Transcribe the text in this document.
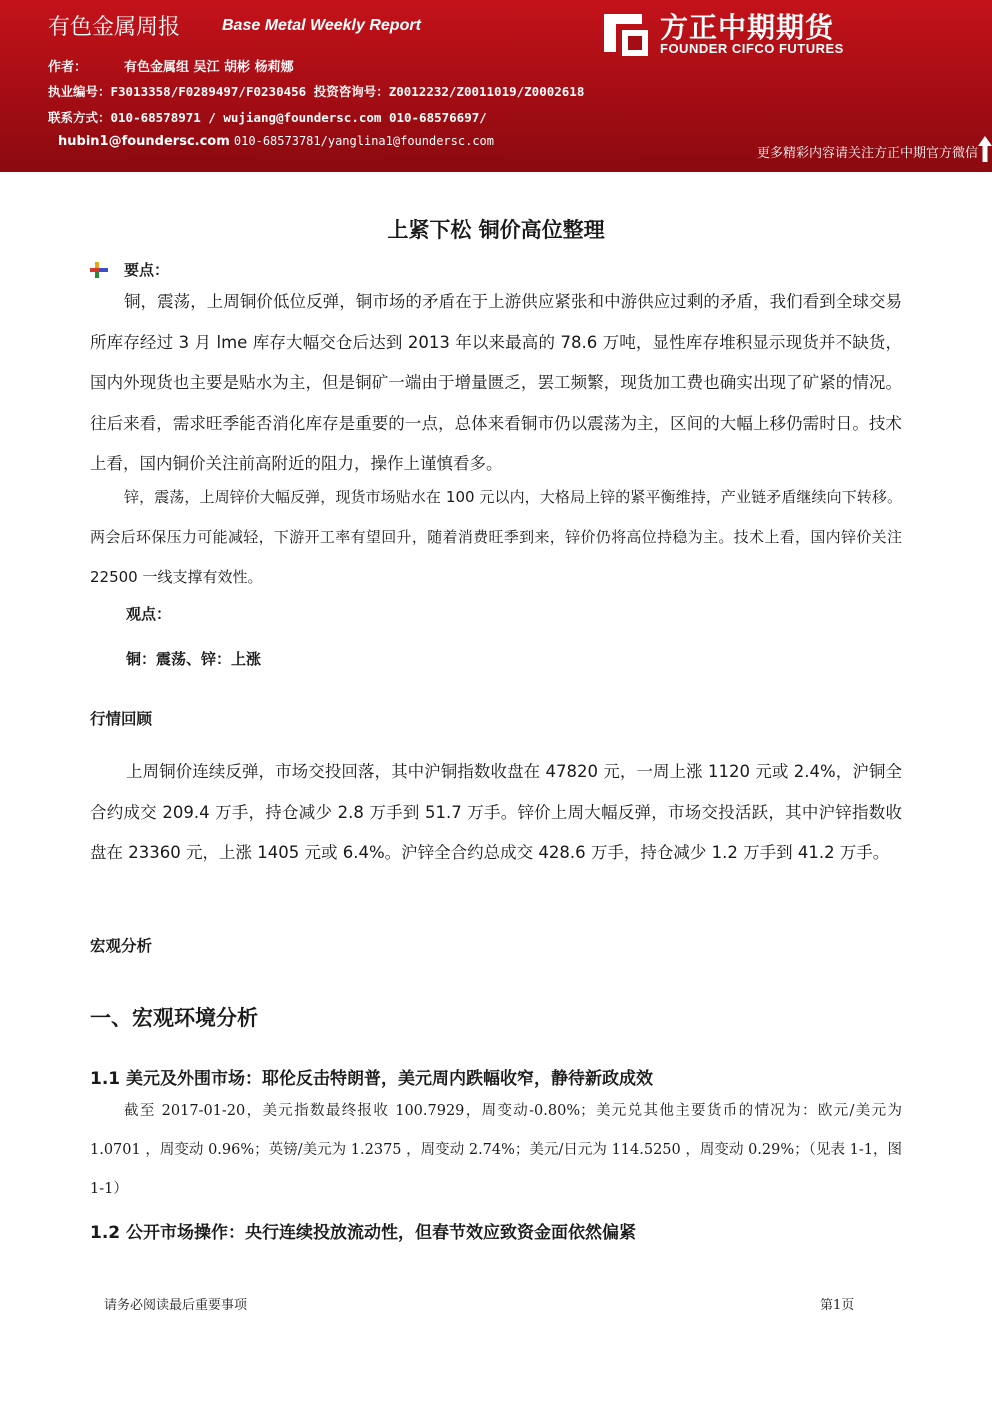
有色金属周报	Base Metal Weekly Report
作者：	有色金属组 吴江 胡彬 杨莉娜
执业编号：F3013358/F0289497/F0230456 投资咨询号：Z0012232/Z0011019/Z0002618
联系方式：010-68578971 / wujiang@foundersc.com 010-68576697/
hubin1@foundersc.com 010-68573781/yanglina1@foundersc.com
方正中期期货
FOUNDER CIFCO FUTURES
更多精彩内容请关注方正中期官方微信
上紧下松 铜价高位整理
要点：

铜，震荡，上周铜价低位反弹，铜市场的矛盾在于上游供应紧张和中游供应过剩的矛盾，我们看到全球交易所库存经过 3 月 lme 库存大幅交仓后达到 2013 年以来最高的 78.6 万吨，显性库存堆积显示现货并不缺货，国内外现货也主要是贴水为主，但是铜矿一端由于增量匮乏，罢工频繁，现货加工费也确实出现了矿紧的情况。往后来看，需求旺季能否消化库存是重要的一点，总体来看铜市仍以震荡为主，区间的大幅上移仍需时日。技术上看，国内铜价关注前高附近的阻力，操作上谨慎看多。

锌，震荡，上周锌价大幅反弹，现货市场贴水在 100 元以内，大格局上锌的紧平衡维持，产业链矛盾继续向下转移。两会后环保压力可能减轻，下游开工率有望回升，随着消费旺季到来，锌价仍将高位持稳为主。技术上看，国内锌价关注 22500 一线支撑有效性。

观点：
铜：震荡、锌：上涨
行情回顾

上周铜价连续反弹，市场交投回落，其中沪铜指数收盘在 47820 元，一周上涨 1120 元或 2.4%，沪铜全合约成交 209.4 万手，持仓减少 2.8 万手到 51.7 万手。锌价上周大幅反弹，市场交投活跃，其中沪锌指数收盘在 23360 元，上涨 1405 元或 6.4%。沪锌全合约总成交 428.6 万手，持仓减少 1.2 万手到 41.2 万手。

宏观分析
一、宏观环境分析
1.1 美元及外围市场：耶伦反击特朗普，美元周内跌幅收窄，静待新政成效

截至 2017-01-20，美元指数最终报收 100.7929，周变动-0.80%；美元兑其他主要货币的情况为：欧元/美元为 1.0701 ，周变动 0.96%；英镑/美元为 1.2375 ，周变动 2.74%；美元/日元为 114.5250 ，周变动 0.29%；（见表 1-1，图 1-1）

1.2 公开市场操作：央行连续投放流动性，但春节效应致资金面依然偏紧
请务必阅读最后重要事项	第1页
